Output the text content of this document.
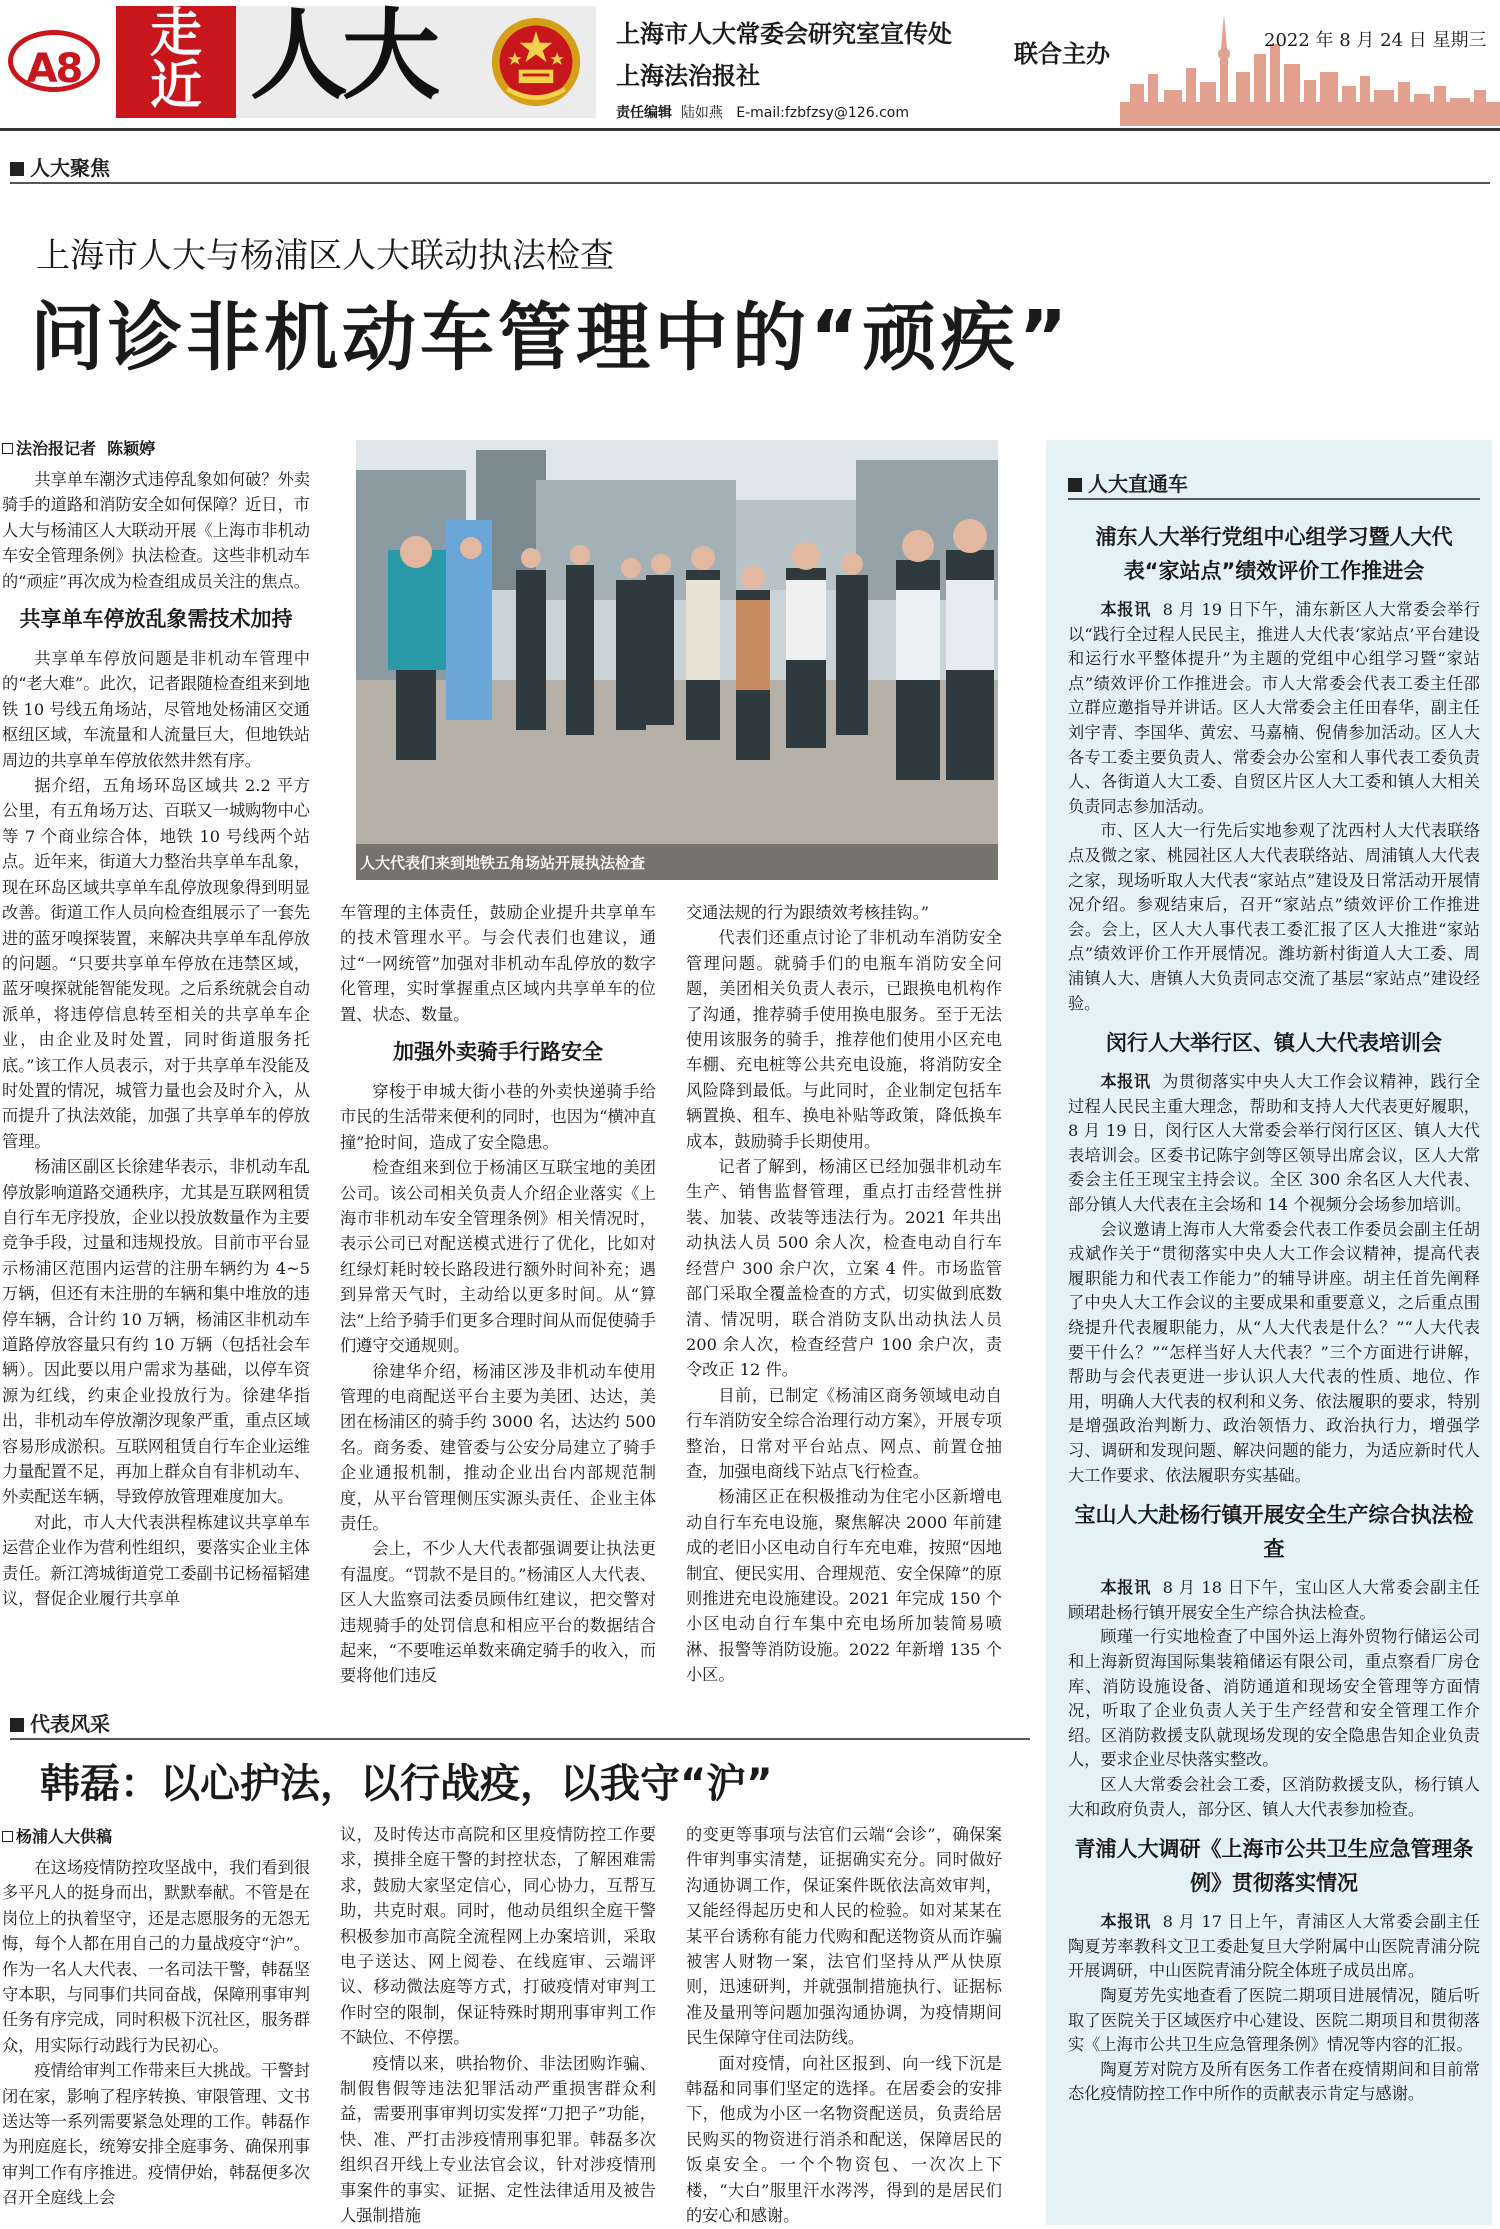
A8
走
近 人大	上海市人大常委会研究室宣传处
上海法治报社
联合主办
责任编辑 陆如燕 E-mail:fzbfzsy@126.com
2022 年 8 月 24 日 星期三
人大聚焦
上海市人大与杨浦区人大联动执法检查
问诊非机动车管理中的“顽疾”
人大代表们来到地铁五角场站开展执法检查
法治报记者 陈颖婷

共享单车潮汐式违停乱象如何破？外卖骑手的道路和消防安全如何保障？近日，市人大与杨浦区人大联动开展《上海市非机动车安全管理条例》执法检查。这些非机动车的“顽症”再次成为检查组成员关注的焦点。

共享单车停放乱象需技术加持

共享单车停放问题是非机动车管理中的“老大难”。此次，记者跟随检查组来到地铁 10 号线五角场站，尽管地处杨浦区交通枢纽区域，车流量和人流量巨大，但地铁站周边的共享单车停放依然井然有序。

据介绍，五角场环岛区域共 2.2 平方公里，有五角场万达、百联又一城购物中心等 7 个商业综合体，地铁 10 号线两个站点。近年来，街道大力整治共享单车乱象，现在环岛区域共享单车乱停放现象得到明显改善。街道工作人员向检查组展示了一套先进的蓝牙嗅探装置，来解决共享单车乱停放的问题。“只要共享单车停放在违禁区域，蓝牙嗅探就能智能发现。之后系统就会自动派单，将违停信息转至相关的共享单车企业，由企业及时处置，同时街道服务托底。”该工作人员表示，对于共享单车没能及时处置的情况，城管力量也会及时介入，从而提升了执法效能，加强了共享单车的停放管理。

杨浦区副区长徐建华表示，非机动车乱停放影响道路交通秩序，尤其是互联网租赁自行车无序投放，企业以投放数量作为主要竞争手段，过量和违规投放。目前市平台显示杨浦区范围内运营的注册车辆约为 4~5 万辆，但还有未注册的车辆和集中堆放的违停车辆，合计约 10 万辆，杨浦区非机动车道路停放容量只有约 10 万辆（包括社会车辆）。因此要以用户需求为基础，以停车资源为红线，约束企业投放行为。徐建华指出，非机动车停放潮汐现象严重，重点区域容易形成淤积。互联网租赁自行车企业运维力量配置不足，再加上群众自有非机动车、外卖配送车辆，导致停放管理难度加大。

对此，市人大代表洪程栋建议共享单车运营企业作为营利性组织，要落实企业主体责任。新江湾城街道党工委副书记杨福韬建议，督促企业履行共享单

车管理的主体责任，鼓励企业提升共享单车的技术管理水平。与会代表们也建议，通过“一网统管”加强对非机动车乱停放的数字化管理，实时掌握重点区域内共享单车的位置、状态、数量。

加强外卖骑手行路安全

穿梭于申城大街小巷的外卖快递骑手给市民的生活带来便利的同时，也因为“横冲直撞”抢时间，造成了安全隐患。

检查组来到位于杨浦区互联宝地的美团公司。该公司相关负责人介绍企业落实《上海市非机动车安全管理条例》相关情况时，表示公司已对配送模式进行了优化，比如对红绿灯耗时较长路段进行额外时间补充；遇到异常天气时，主动给以更多时间。从“算法”上给予骑手们更多合理时间从而促使骑手们遵守交通规则。

徐建华介绍，杨浦区涉及非机动车使用管理的电商配送平台主要为美团、达达，美团在杨浦区的骑手约 3000 名，达达约 500 名。商务委、建管委与公安分局建立了骑手企业通报机制，推动企业出台内部规范制度，从平台管理侧压实源头责任、企业主体责任。

会上，不少人大代表都强调要让执法更有温度。“罚款不是目的。”杨浦区人大代表、区人大监察司法委员顾伟红建议，把交警对违规骑手的处罚信息和相应平台的数据结合起来，“不要唯运单数来确定骑手的收入，而要将他们违反

交通法规的行为跟绩效考核挂钩。”

代表们还重点讨论了非机动车消防安全管理问题。就骑手们的电瓶车消防安全问题，美团相关负责人表示，已跟换电机构作了沟通，推荐骑手使用换电服务。至于无法使用该服务的骑手，推荐他们使用小区充电车棚、充电桩等公共充电设施，将消防安全风险降到最低。与此同时，企业制定包括车辆置换、租车、换电补贴等政策，降低换车成本，鼓励骑手长期使用。

记者了解到，杨浦区已经加强非机动车生产、销售监督管理，重点打击经营性拼装、加装、改装等违法行为。2021 年共出动执法人员 500 余人次，检查电动自行车经营户 300 余户次，立案 4 件。市场监管部门采取全覆盖检查的方式，切实做到底数清、情况明，联合消防支队出动执法人员 200 余人次，检查经营户 100 余户次，责令改正 12 件。

目前，已制定《杨浦区商务领域电动自行车消防安全综合治理行动方案》，开展专项整治，日常对平台站点、网点、前置仓抽查，加强电商线下站点飞行检查。

杨浦区正在积极推动为住宅小区新增电动自行车充电设施，聚焦解决 2000 年前建成的老旧小区电动自行车充电难，按照“因地制宜、便民实用、合理规范、安全保障”的原则推进充电设施建设。2021 年完成 150 个小区电动自行车集中充电场所加装简易喷淋、报警等消防设施。2022 年新增 135 个小区。

代表风采
韩磊：以心护法，以行战疫，以我守“沪”
杨浦人大供稿

在这场疫情防控攻坚战中，我们看到很多平凡人的挺身而出，默默奉献。不管是在岗位上的执着坚守，还是志愿服务的无怨无悔，每个人都在用自己的力量战疫守“沪”。作为一名人大代表、一名司法干警，韩磊坚守本职，与同事们共同奋战，保障刑事审判任务有序完成，同时积极下沉社区，服务群众，用实际行动践行为民初心。

疫情给审判工作带来巨大挑战。干警封闭在家，影响了程序转换、审限管理、文书送达等一系列需要紧急处理的工作。韩磊作为刑庭庭长，统筹安排全庭事务、确保刑事审判工作有序推进。疫情伊始，韩磊便多次召开全庭线上会

议，及时传达市高院和区里疫情防控工作要求，摸排全庭干警的封控状态，了解困难需求，鼓励大家坚定信心，同心协力，互帮互助，共克时艰。同时，他动员组织全庭干警积极参加市高院全流程网上办案培训，采取电子送达、网上阅卷、在线庭审、云端评议、移动微法庭等方式，打破疫情对审判工作时空的限制，保证特殊时期刑事审判工作不缺位、不停摆。

疫情以来，哄抬物价、非法团购诈骗、制假售假等违法犯罪活动严重损害群众利益，需要刑事审判切实发挥“刀把子”功能，快、准、严打击涉疫情刑事犯罪。韩磊多次组织召开线上专业法官会议，针对涉疫情刑事案件的事实、证据、定性法律适用及被告人强制措施

的变更等事项与法官们云端“会诊”，确保案件审判事实清楚，证据确实充分。同时做好沟通协调工作，保证案件既依法高效审判，又能经得起历史和人民的检验。如对某某在某平台诱称有能力代购和配送物资从而诈骗被害人财物一案，法官们坚持从严从快原则，迅速研判，并就强制措施执行、证据标准及量刑等问题加强沟通协调，为疫情期间民生保障守住司法防线。

面对疫情，向社区报到、向一线下沉是韩磊和同事们坚定的选择。在居委会的安排下，他成为小区一名物资配送员，负责给居民购买的物资进行消杀和配送，保障居民的饭桌安全。一个个物资包、一次次上下楼，“大白”服里汗水涔涔，得到的是居民们的安心和感谢。

人大直通车
浦东人大举行党组中心组学习暨人大代表“家站点”绩效评价工作推进会

本报讯 8 月 19 日下午，浦东新区人大常委会举行以“践行全过程人民民主，推进人大代表‘家站点’平台建设和运行水平整体提升”为主题的党组中心组学习暨“家站点”绩效评价工作推进会。市人大常委会代表工委主任邵立群应邀指导并讲话。区人大常委会主任田春华，副主任刘宇青、李国华、黄宏、马嘉楠、倪倩参加活动。区人大各专工委主要负责人、常委会办公室和人事代表工委负责人、各街道人大工委、自贸区片区人大工委和镇人大相关负责同志参加活动。

市、区人大一行先后实地参观了沈西村人大代表联络点及微之家、桃园社区人大代表联络站、周浦镇人大代表之家，现场听取人大代表“家站点”建设及日常活动开展情况介绍。参观结束后，召开“家站点”绩效评价工作推进会。会上，区人大人事代表工委汇报了区人大推进“家站点”绩效评价工作开展情况。潍坊新村街道人大工委、周浦镇人大、唐镇人大负责同志交流了基层“家站点”建设经验。

闵行人大举行区、镇人大代表培训会

本报讯 为贯彻落实中央人大工作会议精神，践行全过程人民民主重大理念，帮助和支持人大代表更好履职，8 月 19 日，闵行区人大常委会举行闵行区区、镇人大代表培训会。区委书记陈宇剑等区领导出席会议，区人大常委会主任王现宝主持会议。全区 300 余名区人大代表、部分镇人大代表在主会场和 14 个视频分会场参加培训。

会议邀请上海市人大常委会代表工作委员会副主任胡戎斌作关于“贯彻落实中央人大工作会议精神，提高代表履职能力和代表工作能力”的辅导讲座。胡主任首先阐释了中央人大工作会议的主要成果和重要意义，之后重点围绕提升代表履职能力，从“人大代表是什么？”“人大代表要干什么？”“怎样当好人大代表？”三个方面进行讲解，帮助与会代表更进一步认识人大代表的性质、地位、作用，明确人大代表的权利和义务、依法履职的要求，特别是增强政治判断力、政治领悟力、政治执行力，增强学习、调研和发现问题、解决问题的能力，为适应新时代人大工作要求、依法履职夯实基础。

宝山人大赴杨行镇开展安全生产综合执法检查

本报讯 8 月 18 日下午，宝山区人大常委会副主任顾珺赴杨行镇开展安全生产综合执法检查。

顾瑾一行实地检查了中国外运上海外贸物行储运公司和上海新贸海国际集装箱储运有限公司，重点察看厂房仓库、消防设施设备、消防通道和现场安全管理等方面情况，听取了企业负责人关于生产经营和安全管理工作介绍。区消防救援支队就现场发现的安全隐患告知企业负责人，要求企业尽快落实整改。

区人大常委会社会工委，区消防救援支队，杨行镇人大和政府负责人，部分区、镇人大代表参加检查。

青浦人大调研《上海市公共卫生应急管理条例》贯彻落实情况

本报讯 8 月 17 日上午，青浦区人大常委会副主任陶夏芳率教科文卫工委赴复旦大学附属中山医院青浦分院开展调研，中山医院青浦分院全体班子成员出席。

陶夏芳先实地查看了医院二期项目进展情况，随后听取了医院关于区域医疗中心建设、医院二期项目和贯彻落实《上海市公共卫生应急管理条例》情况等内容的汇报。

陶夏芳对院方及所有医务工作者在疫情期间和目前常态化疫情防控工作中所作的贡献表示肯定与感谢。
